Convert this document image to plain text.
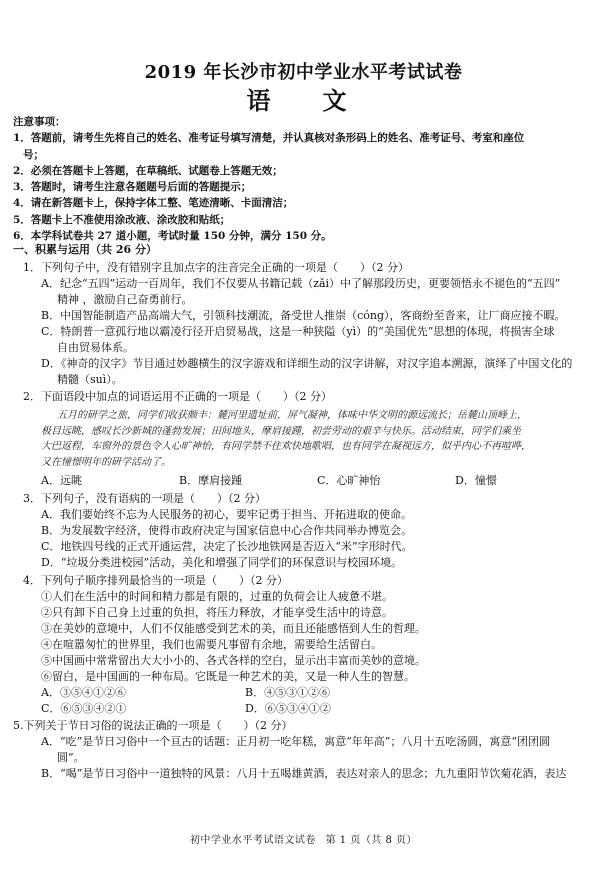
2019 年长沙市初中学业水平考试试卷
语　文
注意事项：
1．答题前，请考生先将自己的姓名、准考证号填写清楚，并认真核对条形码上的姓名、准考证号、考室和座位
号；
2．必须在答题卡上答题，在草稿纸、试题卷上答题无效；
3．答题时，请考生注意各题题号后面的答题提示；
4．请在新答题卡上，保持字体工整、笔迹清晰、卡面清洁；
5．答题卡上不准使用涂改液、涂改胶和贴纸；
6．本学科试卷共 27 道小题，考试时量 150 分钟，满分 150 分。
一、积累与运用（共 26 分）
1．下列句子中，没有错别字且加点字的注音完全正确的一项是（　　）（2 分）
A．纪念“五四”运动一百周年，我们不仅要从书籍记载（zǎi）中了解那段历史，更要领悟永不褪色的“五四”
精神 ，激励自己奋勇前行。
B．中国智能制造产品高端大气，引领科技潮流，备受世人推崇（cóng），客商纷至沓来，让厂商应接不暇。
C．特朗普一意孤行地以霸凌行径开启贸易战，这是一种狭隘（yì）的“美国优先”思想的体现，将损害全球
自由贸易体系。
D．《神奇的汉字》节目通过妙趣横生的汉字游戏和详细生动的汉字讲解，对汉字追本溯源，演绎了中国文化的
精髓（suì）。
2．下面语段中加点的词语运用不正确的一项是（　　）（2 分）
五月的研学之旅，同学们收获颇丰：麓河里遗址前，屏气凝神，体味中华文明的源远流长；岳麓山顶峰上，
极目远眺，感叹长沙新城的蓬勃发展；田间地头，摩肩接踵，初尝劳动的艰辛与快乐。活动结束，同学们乘坐
大巴返程，车窗外的景色令人心旷神怡，有同学禁不住欢快地歌唱，也有同学在凝视远方，似乎内心不再喧哗，
又在憧憬明年的研学活动了。
A．远眺	B．摩肩接踵	C．心旷神怡	D．憧憬
3．下列句子，没有语病的一项是（　　）（2 分）
A．我们要始终不忘为人民服务的初心，要牢记勇于担当、开拓进取的使命。
B．为发展数字经济，使得市政府决定与国家信息中心合作共同举办博览会。
C．地铁四号线的正式开通运营，决定了长沙地铁网是否迈入“米”字形时代。
D．“垃圾分类进校园”活动，美化和增强了同学们的环保意识与校园环境。
4．下列句子顺序排列最恰当的一项是（　　）（2 分）
①人们在生活中的时间和精力都是有限的，过重的负荷会让人疲惫不堪。
②只有卸下自己身上过重的负担，将压力释放，才能享受生活中的诗意。
③在美妙的意境中，人们不仅能感受到艺术的美，而且还能感悟到人生的哲理。
④在喧嚣匆忙的世界里，我们也需要凡事留有余地，需要给生活留白。
⑤中国画中常常留出大大小小的、各式各样的空白，显示出丰富而美妙的意境。
⑥留白，是中国画的一种布局。它既是一种艺术的美，又是一种人生的智慧。
A．③⑤④①②⑥	B．④⑤③①②⑥
C．⑥⑤③④②①	D．⑥⑤③④①②
5.下列关于节日习俗的说法正确的一项是（　　）（2 分）
A．“吃”是节日习俗中一个亘古的话题：正月初一吃年糕，寓意“年年高”；八月十五吃汤圆，寓意“团团圆
圆”。
B．“喝”是节日习俗中一道独特的风景：八月十五喝雄黄酒，表达对亲人的思念；九九重阳节饮菊花酒，表达
初中学业水平考试语文试卷 第 1 页（共 8 页）
